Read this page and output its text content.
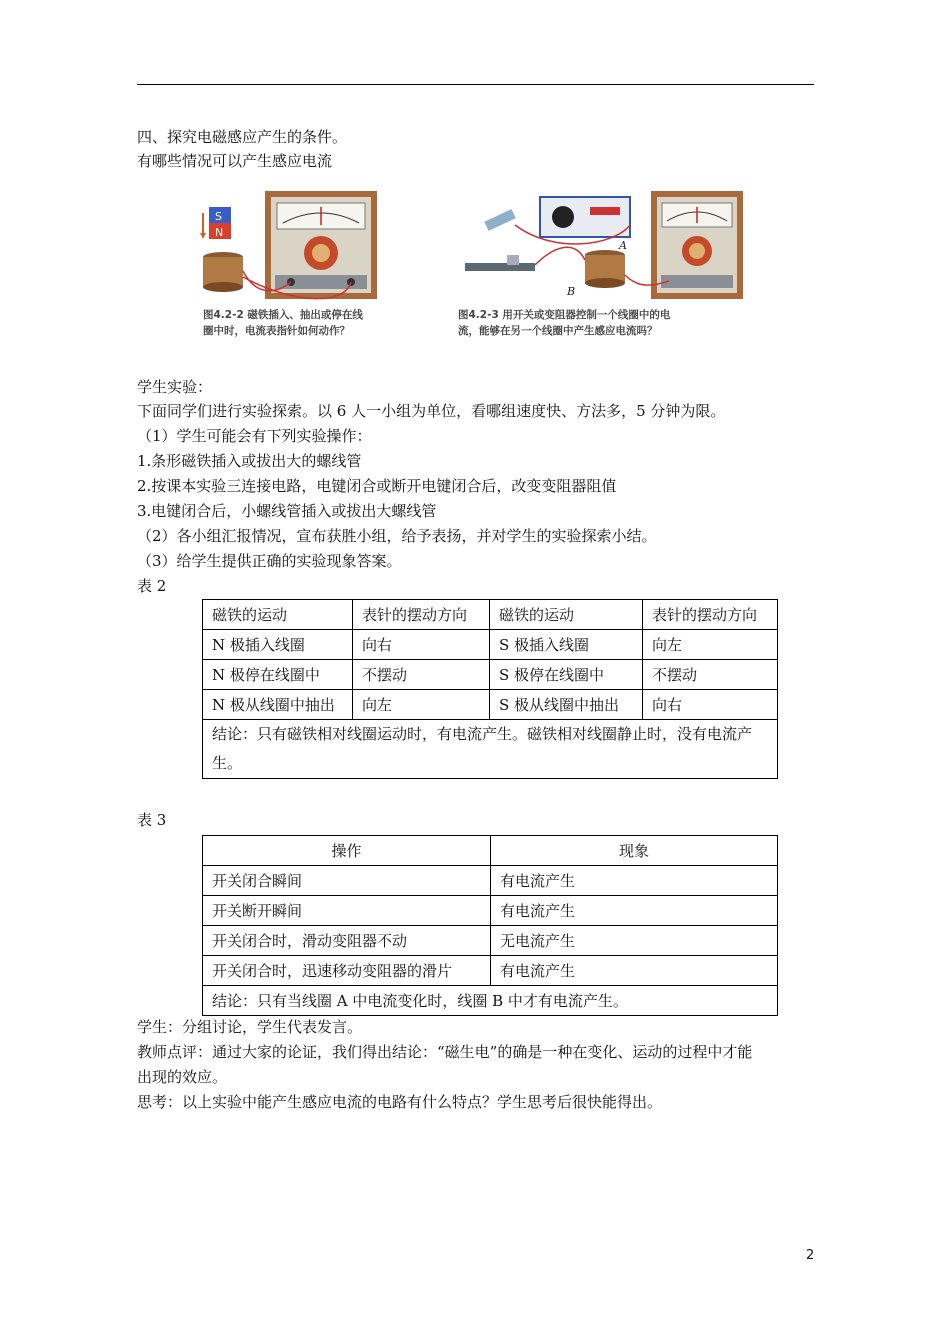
四、探究电磁感应产生的条件。
有哪些情况可以产生感应电流
S
N
图4.2-2 磁铁插入、抽出或停在线
圈中时，电流表指针如何动作？
A
B
图4.2-3 用开关或变阻器控制一个线圈中的电
流，能够在另一个线圈中产生感应电流吗？
学生实验：
下面同学们进行实验探索。以 6 人一小组为单位，看哪组速度快、方法多，5 分钟为限。
（1）学生可能会有下列实验操作：
1.条形磁铁插入或拔出大的螺线管
2.按课本实验三连接电路，电键闭合或断开电键闭合后，改变变阻器阻值
3.电键闭合后，小螺线管插入或拔出大螺线管
（2）各小组汇报情况，宣布获胜小组，给予表扬，并对学生的实验探索小结。
（3）给学生提供正确的实验现象答案。
表 2
磁铁的运动	表针的摆动方向	磁铁的运动	表针的摆动方向
N 极插入线圈	向右	S 极插入线圈	向左
N 极停在线圈中	不摆动	S 极停在线圈中	不摆动
N 极从线圈中抽出	向左	S 极从线圈中抽出	向右
结论：只有磁铁相对线圈运动时，有电流产生。磁铁相对线圈静止时，没有电流产生。			
表 3
操作	现象
开关闭合瞬间	有电流产生
开关断开瞬间	有电流产生
开关闭合时，滑动变阻器不动	无电流产生
开关闭合时，迅速移动变阻器的滑片	有电流产生
结论：只有当线圈 A 中电流变化时，线圈 B 中才有电流产生。	
学生：分组讨论，学生代表发言。
教师点评：通过大家的论证，我们得出结论：“磁生电”的确是一种在变化、运动的过程中才能
出现的效应。
思考：以上实验中能产生感应电流的电路有什么特点？学生思考后很快能得出。
2
